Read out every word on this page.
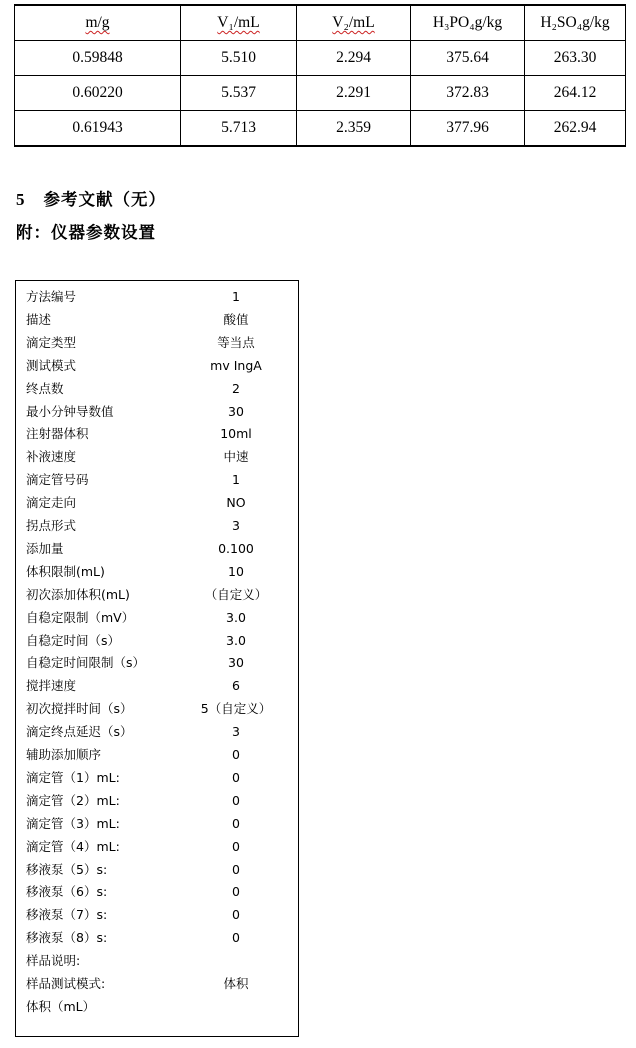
m/g	V₁/mL	V₂/mL	H₃PO₄g/kg	H₂SO₄g/kg
0.59848	5.510	2.294	375.64	263.30
0.60220	5.537	2.291	372.83	264.12
0.61943	5.713	2.359	377.96	262.94
5 参考文献（无）
附：仪器参数设置
方法编号	1
描述	酸值
滴定类型	等当点
测试模式	mv IngA
终点数	2
最小分钟导数值	30
注射器体积	10ml
补液速度	中速
滴定管号码	1
滴定走向	NO
拐点形式	3
添加量	0.100
体积限制(mL)	10
初次添加体积(mL)	（自定义）
自稳定限制（mV）	3.0
自稳定时间（s）	3.0
自稳定时间限制（s）	30
搅拌速度	6
初次搅拌时间（s）	5（自定义）
滴定终点延迟（s）	3
辅助添加顺序	0
滴定管（1）mL:	0
滴定管（2）mL:	0
滴定管（3）mL:	0
滴定管（4）mL:	0
移液泵（5）s:	0
移液泵（6）s:	0
移液泵（7）s:	0
移液泵（8）s:	0
样品说明:
样品测试模式:	体积
体积（mL）
